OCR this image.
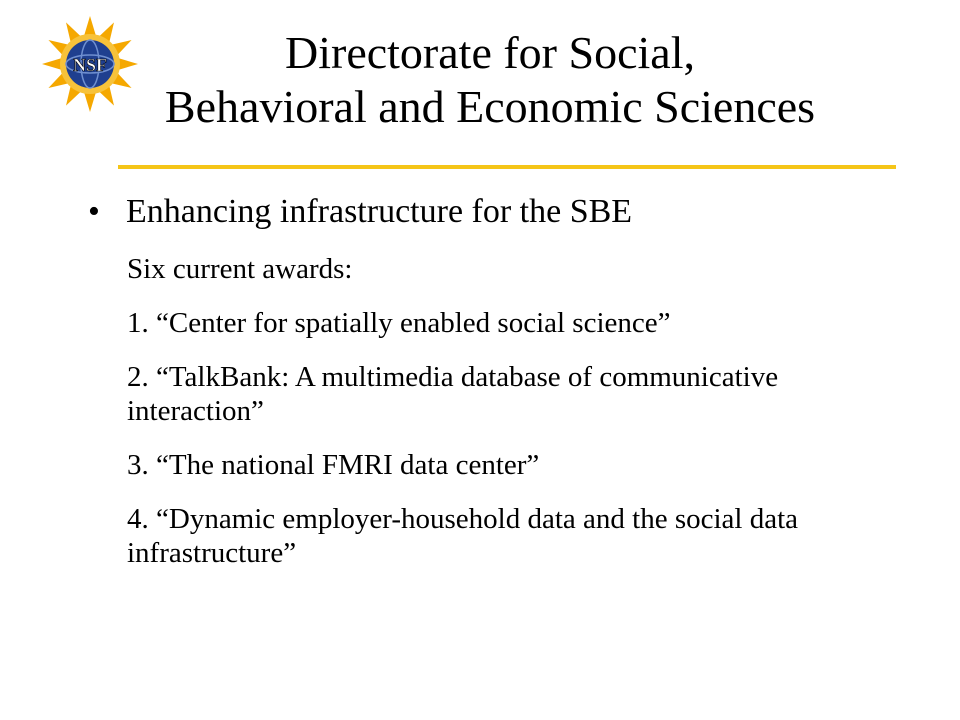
NSF	Directorate for Social,
Behavioral and Economic Sciences
• Enhancing infrastructure for the SBE
Six current awards:
1. “Center for spatially enabled social science”
2. “TalkBank: A multimedia database of communicative interaction”
3. “The national FMRI data center”
4. “Dynamic employer-household data and the social data infrastructure”
